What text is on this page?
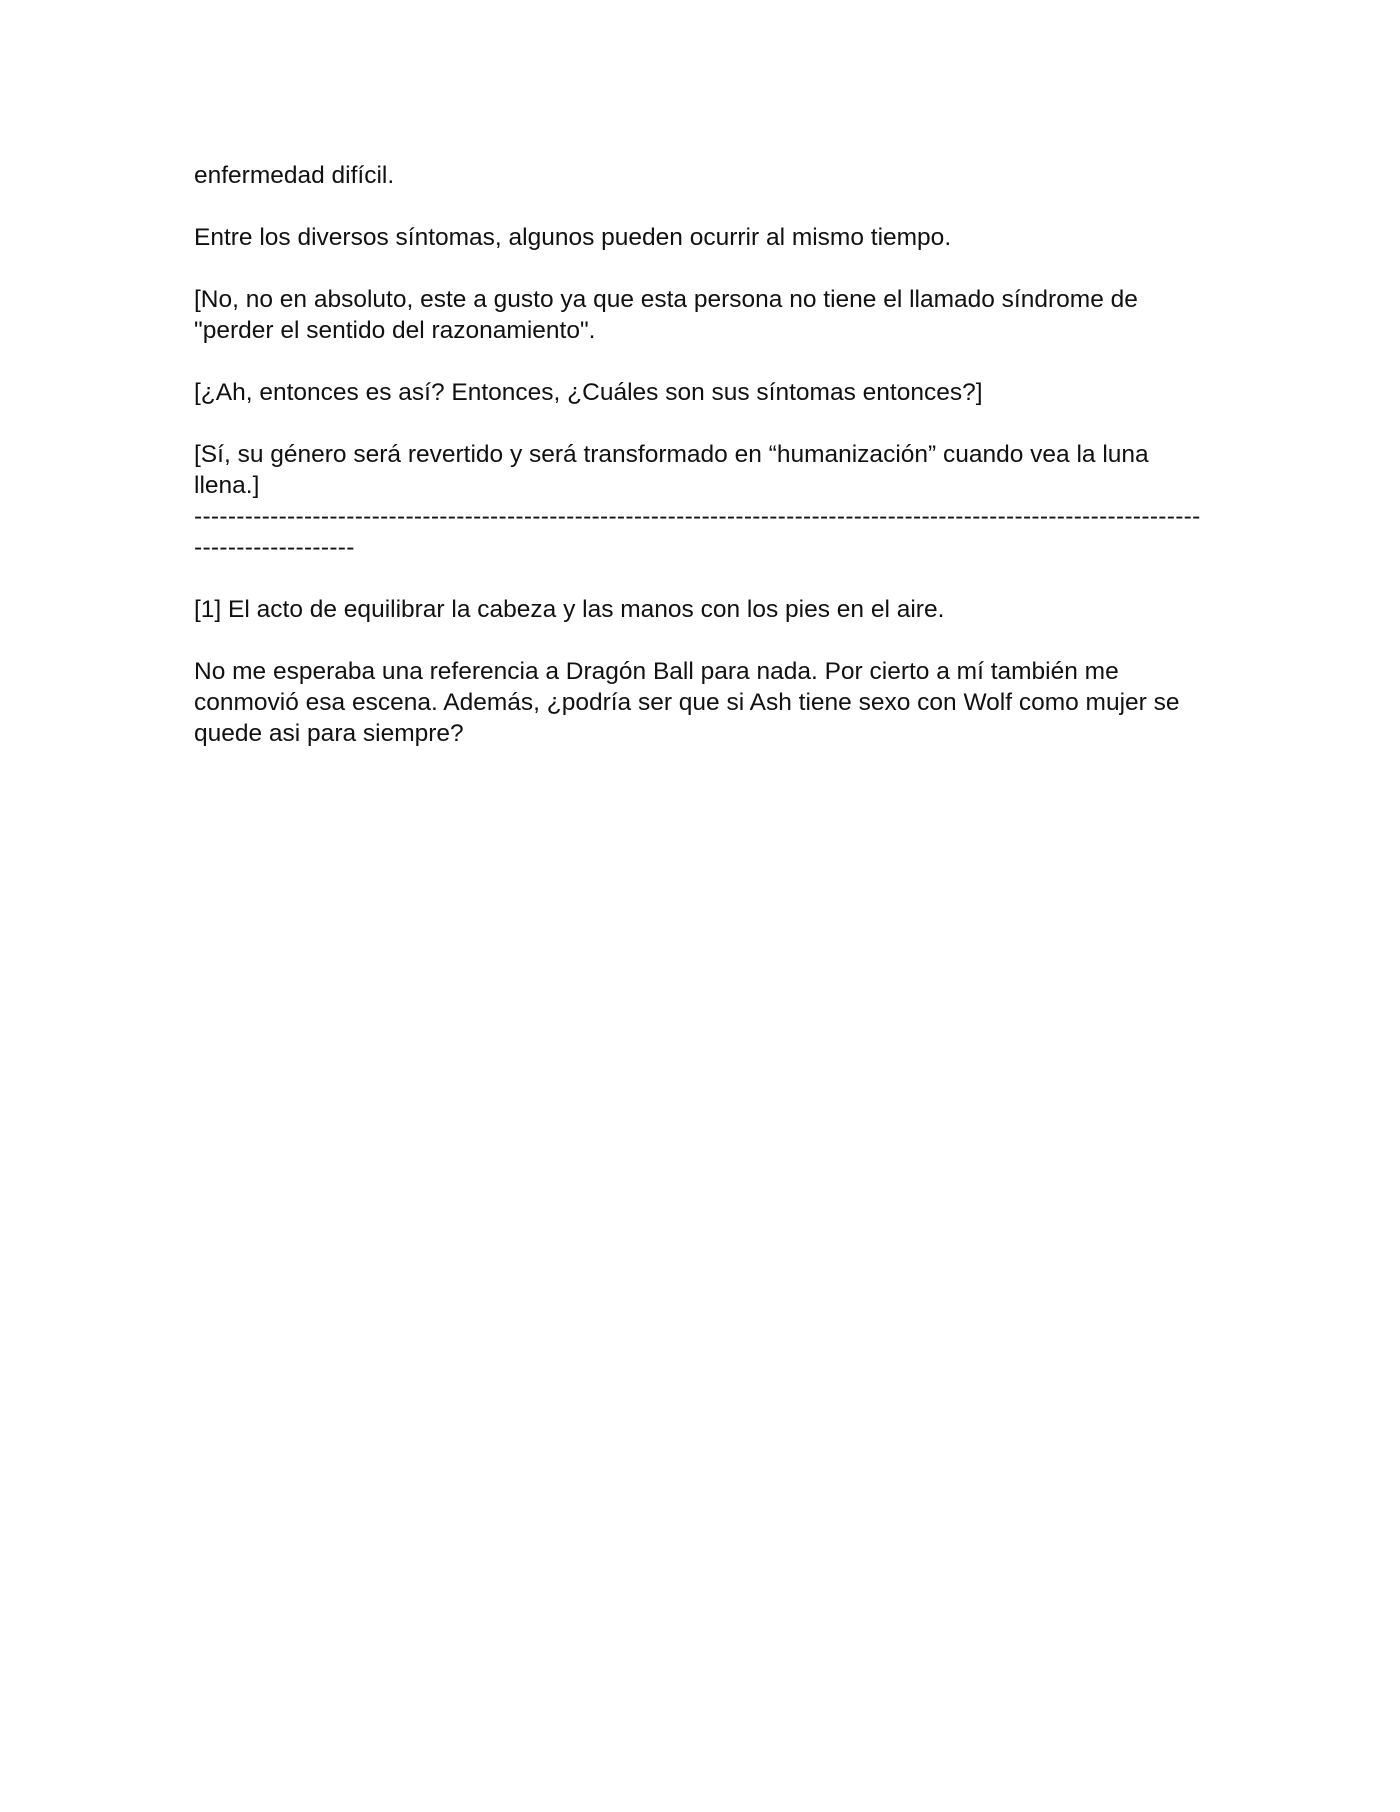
enfermedad difícil.

Entre los diversos síntomas, algunos pueden ocurrir al mismo tiempo.

[No, no en absoluto, este a gusto ya que esta persona no tiene el llamado síndrome de "perder el sentido del razonamiento".

[¿Ah, entonces es así? Entonces, ¿Cuáles son sus síntomas entonces?]

[Sí, su género será revertido y será transformado en “humanización” cuando vea la luna llena.]

------------------------------------------------------------------------------------------------------------------------------------------

[1] El acto de equilibrar la cabeza y las manos con los pies en el aire.

No me esperaba una referencia a Dragón Ball para nada. Por cierto a mí también me conmovió esa escena. Además, ¿podría ser que si Ash tiene sexo con Wolf como mujer se quede asi para siempre?
